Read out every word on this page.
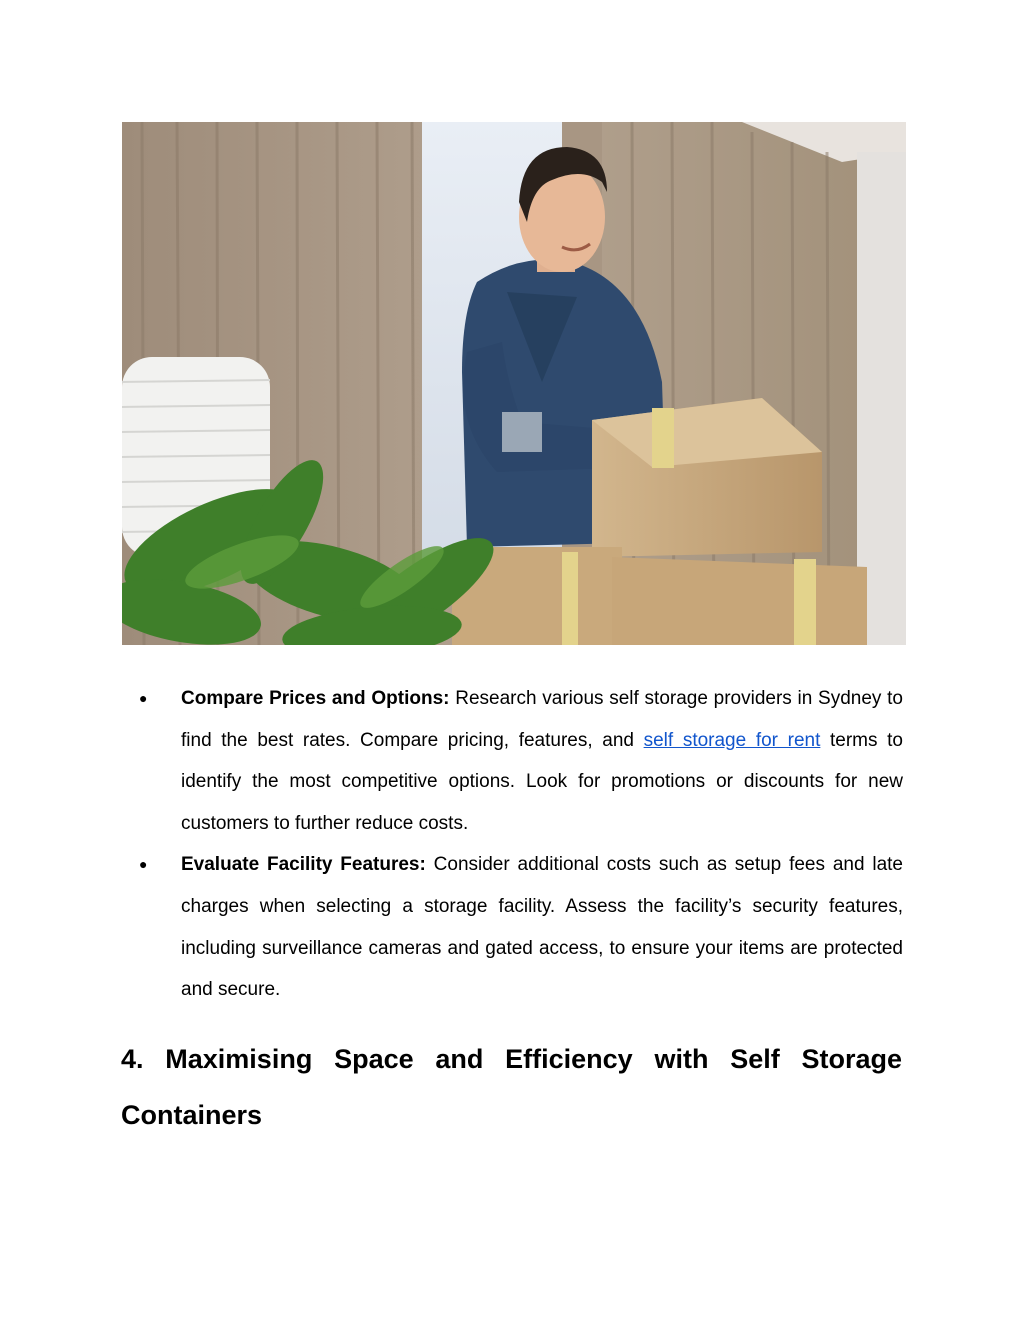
● Compare Prices and Options: Research various self storage providers in Sydney to find the best rates. Compare pricing, features, and self storage for rent terms to identify the most competitive options. Look for promotions or discounts for new customers to further reduce costs.
● Evaluate Facility Features: Consider additional costs such as setup fees and late charges when selecting a storage facility. Assess the facility’s security features, including surveillance cameras and gated access, to ensure your items are protected and secure.
4. Maximising Space and Efficiency with Self Storage Containers
